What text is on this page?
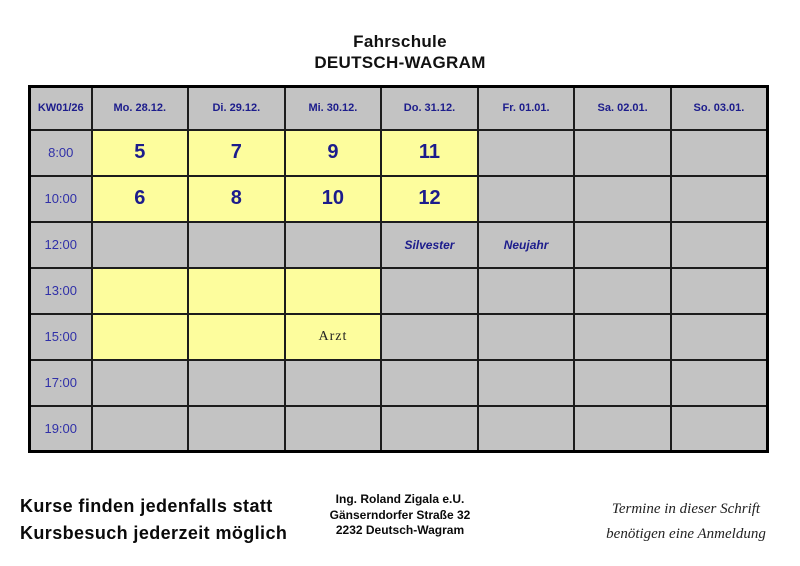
Fahrschule
DEUTSCH-WAGRAM
KW01/26	Mo. 28.12.	Di. 29.12.	Mi. 30.12.	Do. 31.12.	Fr. 01.01.	Sa. 02.01.	So. 03.01.
8:00	5	7	9	11			
10:00	6	8	10	12			
12:00				Silvester	Neujahr		
13:00							
15:00			Arzt				
17:00							
19:00							
Kurse finden jedenfalls statt
Kursbesuch jederzeit möglich
Ing. Roland Zigala e.U.
Gänserndorfer Straße 32
2232 Deutsch-Wagram
Termine in dieser Schrift
benötigen eine Anmeldung
